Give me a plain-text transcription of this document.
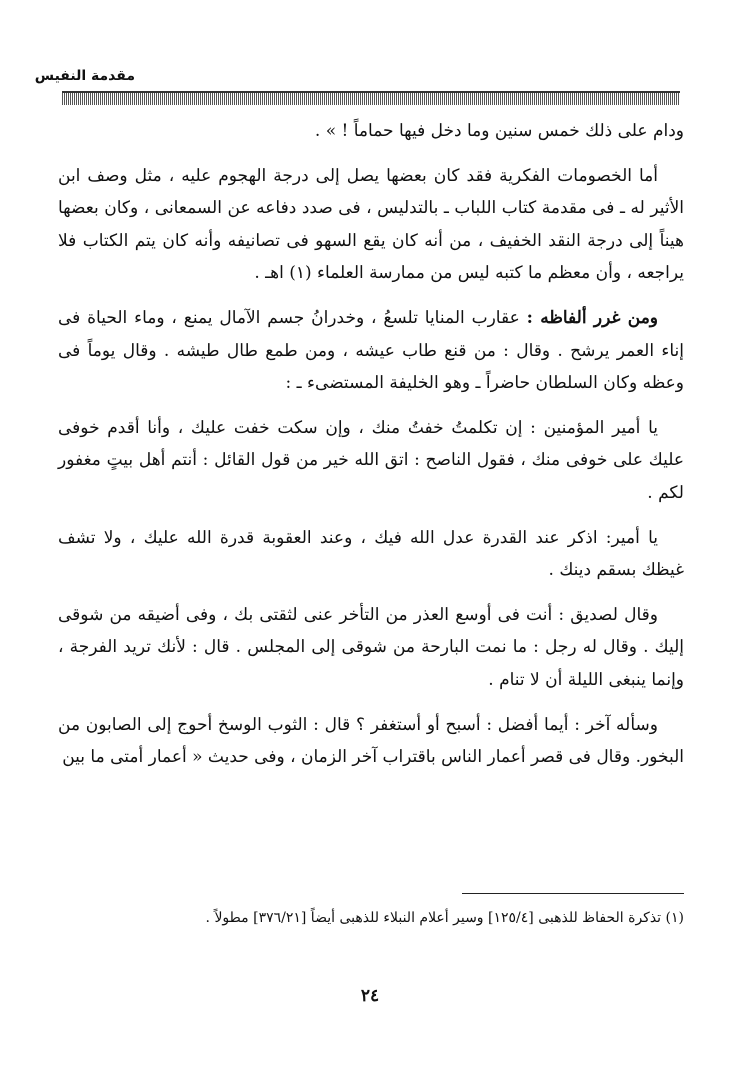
مقدمة النفيس

ودام على ذلك خمس سنين وما دخل فيها حماماً ! » .

أما الخصومات الفكرية فقد كان بعضها يصل إلى درجة الهجوم عليه ، مثل وصف ابن الأثير له ـ فى مقدمة كتاب اللباب ـ بالتدليس ، فى صدد دفاعه عن السمعانى ، وكان بعضها هيناً إلى درجة النقد الخفيف ، من أنه كان يقع السهو فى تصانيفه وأنه كان يتم الكتاب فلا يراجعه ، وأن معظم ما كتبه ليس من ممارسة العلماء (١) اهـ .

ومن غرر ألفاظه : عقارب المنايا تلسعُ ، وخدرانُ جسم الآمال يمنع ، وماء الحياة فى إناء العمر يرشح . وقال : من قنع طاب عيشه ، ومن طمع طال طيشه . وقال يوماً فى وعظه وكان السلطان حاضراً ـ وهو الخليفة المستضىء ـ :

يا أمير المؤمنين : إن تكلمتُ خفتُ منك ، وإن سكت خفت عليك ، وأنا أقدم خوفى عليك على خوفى منك ، فقول الناصح : اتق الله خير من قول القائل : أنتم أهل بيتٍ مغفور لكم .

يا أمير: اذكر عند القدرة عدل الله فيك ، وعند العقوبة قدرة الله عليك ، ولا تشف غيظك بسقم دينك .

وقال لصديق : أنت فى أوسع العذر من التأخر عنى لثقتى بك ، وفى أضيقه من شوقى إليك . وقال له رجل : ما نمت البارحة من شوقى إلى المجلس . قال : لأنك تريد الفرجة ، وإنما ينبغى الليلة أن لا تنام .

وسأله آخر : أيما أفضل : أسبح أو أستغفر ؟ قال : الثوب الوسخ أحوج إلى الصابون من البخور. وقال فى قصر أعمار الناس باقتراب آخر الزمان ، وفى حديث « أعمار أمتى ما بين

(١) تذكرة الحفاظ للذهبى [١٢٥/٤] وسير أعلام النبلاء للذهبى أيضاً [٣٧٦/٢١] مطولاً .
٢٤
